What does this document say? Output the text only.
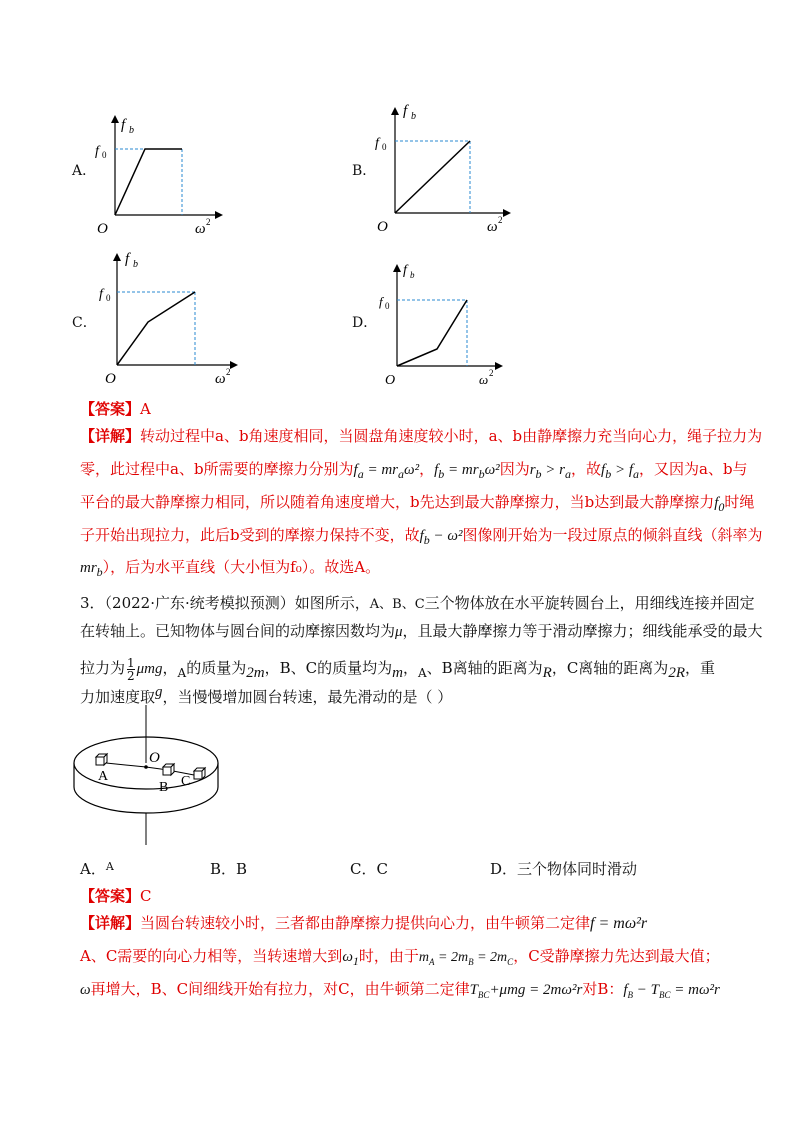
A．
f b
f 0
O	ω 2
B．
f b
f 0
O	ω 2
C．
f b
f 0
O	ω 2
D．
f b
f 0
O	ω 2
【答案】A
【详解】转动过程中a、b角速度相同，当圆盘角速度较小时，a、b由静摩擦力充当向心力，绳子拉力为
零，此过程中a、b所需要的摩擦力分别为$f_a = mr_a\omega^2$，$f_b = mr_b\omega^2$因为$r_b > r_a$，故$f_b > f_a$，又因为a、b与
平台的最大静摩擦力相同，所以随着角速度增大，b先达到最大静摩擦力，当b达到最大静摩擦力$f_0$时绳
子开始出现拉力，此后b受到的摩擦力保持不变，故$f_b - \omega^2$图像刚开始为一段过原点的倾斜直线（斜率为
$mr_b$），后为水平直线（大小恒为f₀）。故选A。
3．（2022·广东·统考模拟预测）如图所示，A、B、C三个物体放在水平旋转圆台上，用细线连接并固定
在转轴上。已知物体与圆台间的动摩擦因数均为μ，且最大静摩擦力等于滑动摩擦力；细线能承受的最大
拉力为 $\frac{1}{2}$ μmg，$_A$的质量为$_{2m}$，B、C的质量均为$_m$，$_A$、B离轴的距离为$_R$，C离轴的距离为$_{2R}$，重
力加速度取g，当慢慢增加圆台转速，最先滑动的是（ ）
O
A
B C
A．$^A$	B．B	C．C	D．三个物体同时滑动
【答案】C
【详解】当圆台转速较小时，三者都由静摩擦力提供向心力，由牛顿第二定律f = mω²r
A、C需要的向心力相等，当转速增大到$\omega_1$时，由于$m_A = 2m_B = 2m_C$，C受静摩擦力先达到最大值；
ω再增大，B、C间细线开始有拉力，对C，由牛顿第二定律$T_{BC}+\mu mg = 2m\omega^2r$对B：$f_B - T_{BC} = m\omega^2r$
